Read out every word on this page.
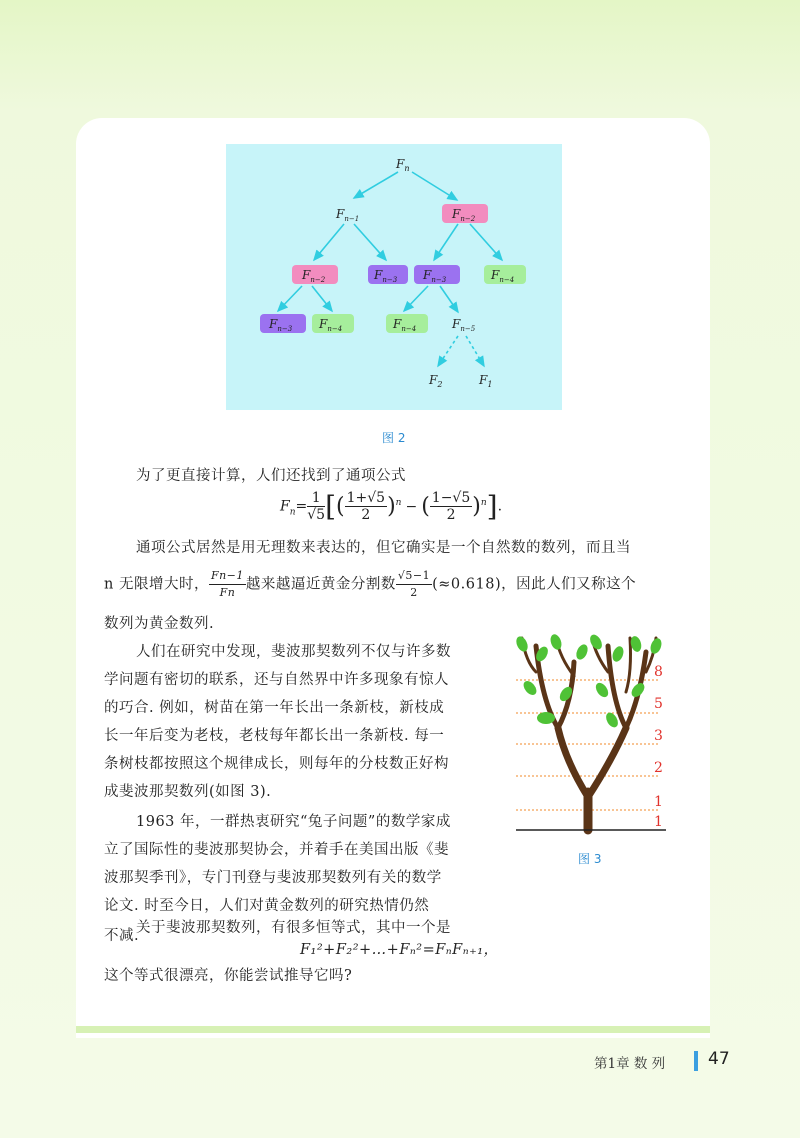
$F_n$
$F_{n-1}$	$F_{n-2}$
$F_{n-2}$	$F_{n-3}$ $F_{n-3}$	$F_{n-4}$
$F_{n-3}$ $F_{n-4}$	$F_{n-4}$	$F_{n-5}$
$F_2$	$F_1$
图 2
为了更直接计算，人们还找到了通项公式
$F_n= \frac{1}{√5}$ [( $\frac{1+√5}{2} )^n$ − ( $\frac{1-√5}{2} )^n$].
通项公式居然是用无理数来表达的，但它确实是一个自然数的数列，而且当
n 无限增大时， $\frac{Fn-1}{Fn}$ 越来越逼近黄金分割数 $\frac{√5-1}{2} (\approx 0.618)$，因此人们又称这个
数列为黄金数列.
人们在研究中发现，斐波那契数列不仅与许多数
学问题有密切的联系，还与自然界中许多现象有惊人
的巧合. 例如，树苗在第一年长出一条新枝，新枝成
长一年后变为老枝，老枝每年都长出一条新枝. 每一
条树枝都按照这个规律成长，则每年的分枝数正好构
成斐波那契数列(如图 3).
1963 年，一群热衷研究“兔子问题”的数学家成
立了国际性的斐波那契协会，并着手在美国出版《斐
波那契季刊》，专门刊登与斐波那契数列有关的数学
论文. 时至今日，人们对黄金数列的研究热情仍然
不减.
关于斐波那契数列，有很多恒等式，其中一个是
F₁²+F₂²+…+Fₙ²=FₙFₙ₊₁，
这个等式很漂亮，你能尝试推导它吗?
8
5
3
2
1
1
图 3
第1章 数 列	47
